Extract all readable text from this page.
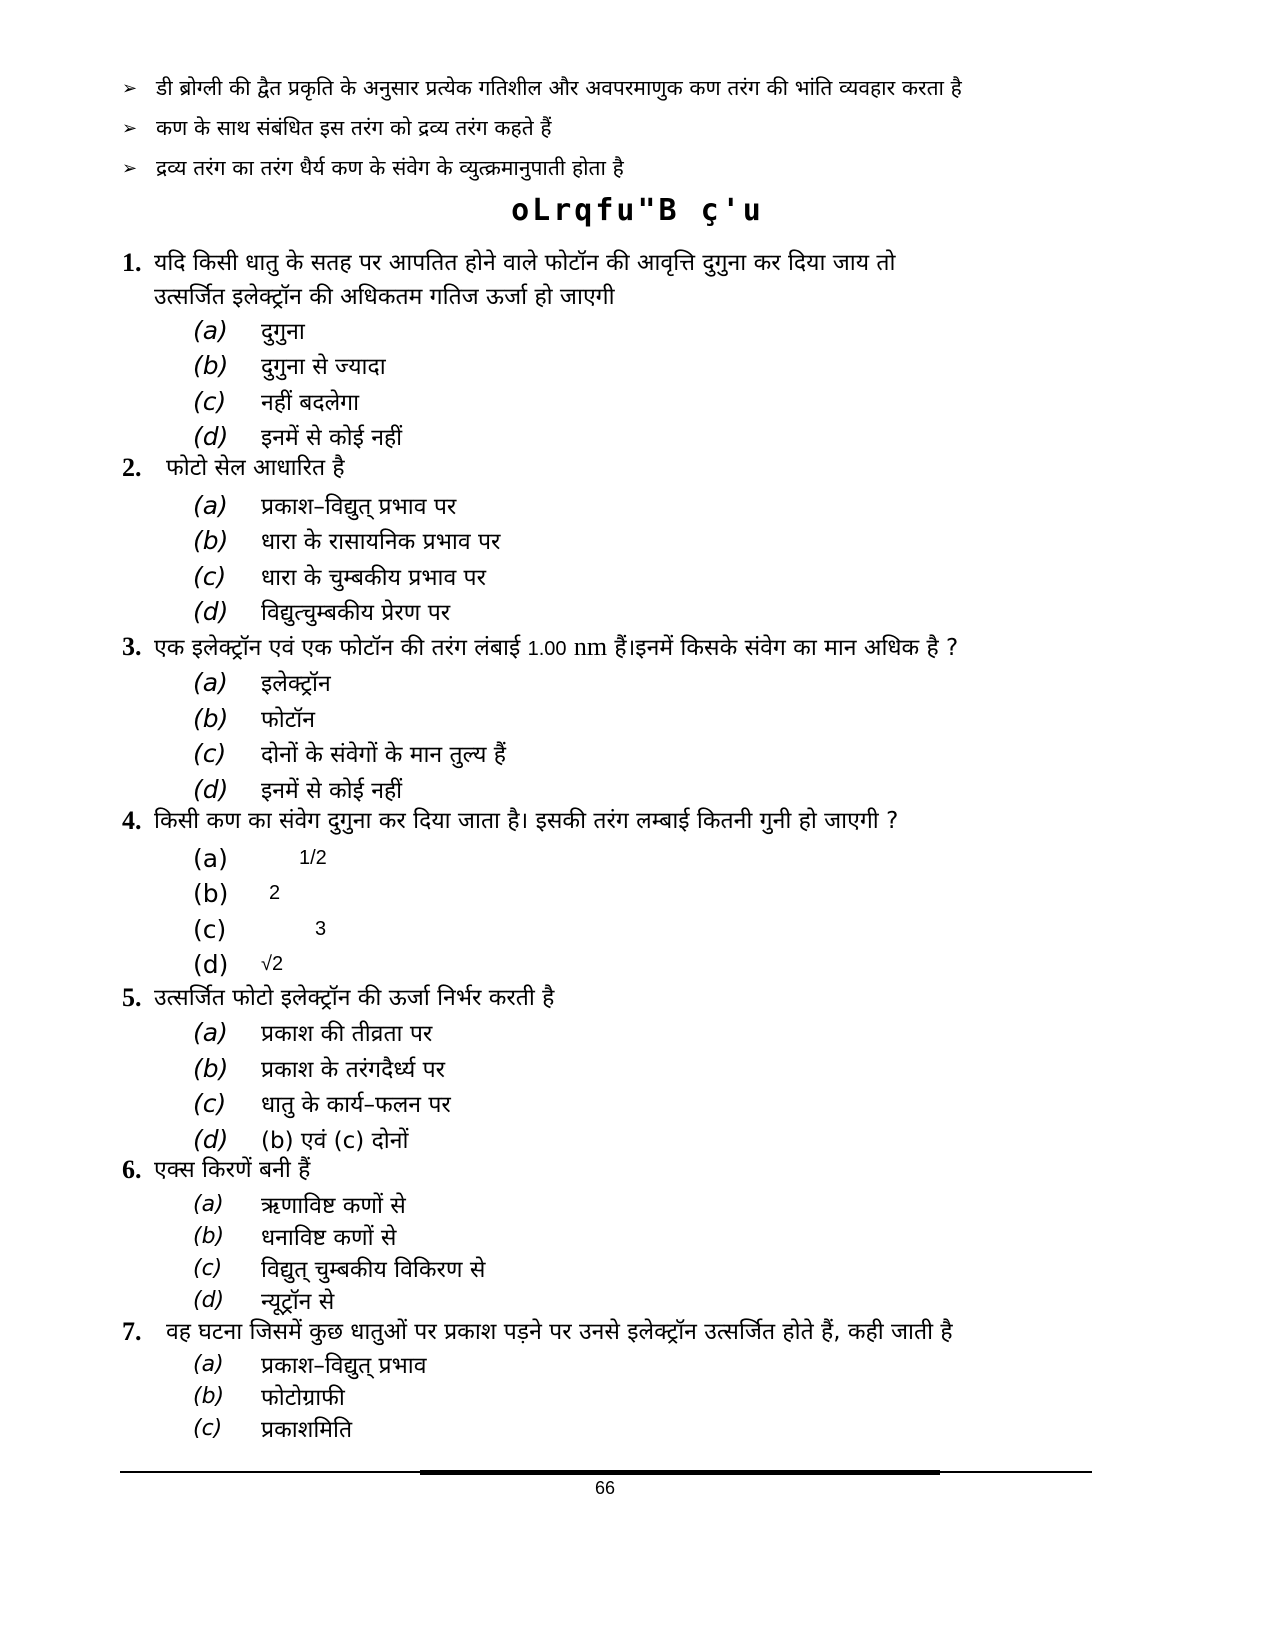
➢ डी ब्रोग्ली की द्वैत प्रकृति के अनुसार प्रत्येक गतिशील और अवपरमाणुक कण तरंग की भांति व्यवहार करता है
➢ कण के साथ संबंधित इस तरंग को द्रव्य तरंग कहते हैं
➢ द्रव्य तरंग का तरंग धैर्य कण के संवेग के व्युत्क्रमानुपाती होता है
oLrqfu"B ç'u
1. यदि किसी धातु के सतह पर आपतित होने वाले फोटॉन की आवृत्ति दुगुना कर दिया जाय तो
उत्सर्जित इलेक्ट्रॉन की अधिकतम गतिज ऊर्जा हो जाएगी
(a)	दुगुना
(b)	दुगुना से ज्यादा
(c)	नहीं बदलेगा
(d)	इनमें से कोई नहीं
2. फोटो सेल आधारित है
(a)	प्रकाश–विद्युत् प्रभाव पर
(b)	धारा के रासायनिक प्रभाव पर
(c)	धारा के चुम्बकीय प्रभाव पर
(d)	विद्युत्चुम्बकीय प्रेरण पर
3. एक इलेक्ट्रॉन एवं एक फोटॉन की तरंग लंबाई 1.00 nm हैं।इनमें किसके संवेग का मान अधिक है ?
(a)	इलेक्ट्रॉन
(b)	फोटॉन
(c)	दोनों के संवेगों के मान तुल्य हैं
(d)	इनमें से कोई नहीं
4. किसी कण का संवेग दुगुना कर दिया जाता है। इसकी तरंग लम्बाई कितनी गुनी हो जाएगी ?
(a)	1/2
(b)	2
(c)	3
(d)	√2
5. उत्सर्जित फोटो इलेक्ट्रॉन की ऊर्जा निर्भर करती है
(a)	प्रकाश की तीव्रता पर
(b)	प्रकाश के तरंगदैर्ध्य पर
(c)	धातु के कार्य–फलन पर
(d)	(b) एवं (c) दोनों
6. एक्स किरणें बनी हैं
(a)	ऋणाविष्ट कणों से
(b)	धनाविष्ट कणों से
(c)	विद्युत् चुम्बकीय विकिरण से
(d)	न्यूट्रॉन से
7. वह घटना जिसमें कुछ धातुओं पर प्रकाश पड़ने पर उनसे इलेक्ट्रॉन उत्सर्जित होते हैं, कही जाती है
(a)	प्रकाश–विद्युत् प्रभाव
(b)	फोटोग्राफी
(c)	प्रकाशमिति
66
